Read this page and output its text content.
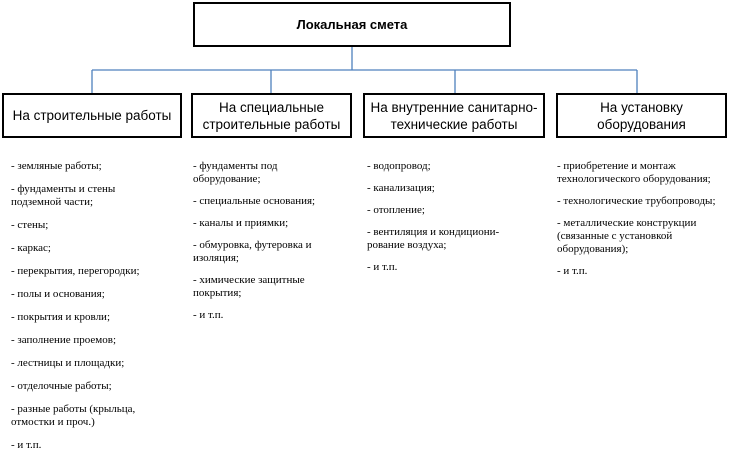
Локальная смета
На строительные работы
На специальные
строительные работы
На внутренние санитарно-
технические работы
На установку
оборудования
- земляные работы;
- фундаменты и стены
подземной части;
- стены;
- каркас;
- перекрытия, перегородки;
- полы и основания;
- покрытия и кровли;
- заполнение проемов;
- лестницы и площадки;
- отделочные работы;
- разные работы (крыльца,
отмостки и проч.)
- и т.п.
- фундаменты под
оборудование;
- специальные основания;
- каналы и приямки;
- обмуровка, футеровка и
изоляция;
- химические защитные
покрытия;
- и т.п.
- водопровод;
- канализация;
- отопление;
- вентиляция и кондициони-
рование воздуха;
- и т.п.
- приобретение и монтаж
технологического оборудования;
- технологические трубопроводы;
- металлические конструкции
(связанные с установкой
оборудования);
- и т.п.
